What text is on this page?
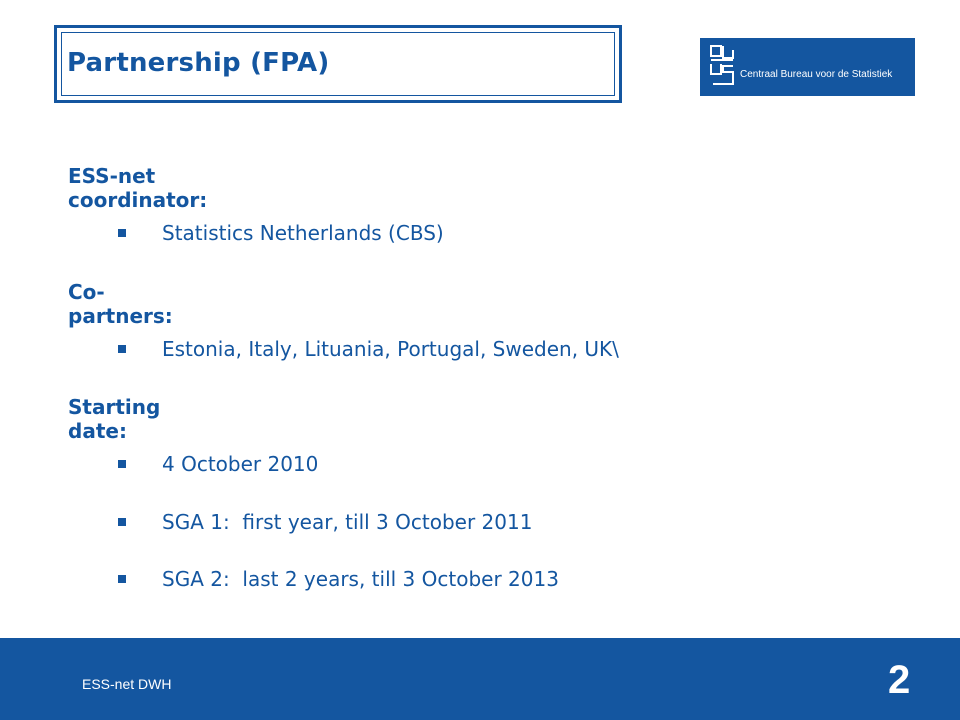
Partnership (FPA)	Centraal Bureau voor de Statistiek
ESS-net coordinator:
Statistics Netherlands (CBS)
Co-partners:
Estonia, Italy, Lituania, Portugal, Sweden, UK\
Starting date:
4 October 2010
SGA 1:  first year, till 3 October 2011
SGA 2:  last 2 years, till 3 October 2013
ESS-net DWH	2
